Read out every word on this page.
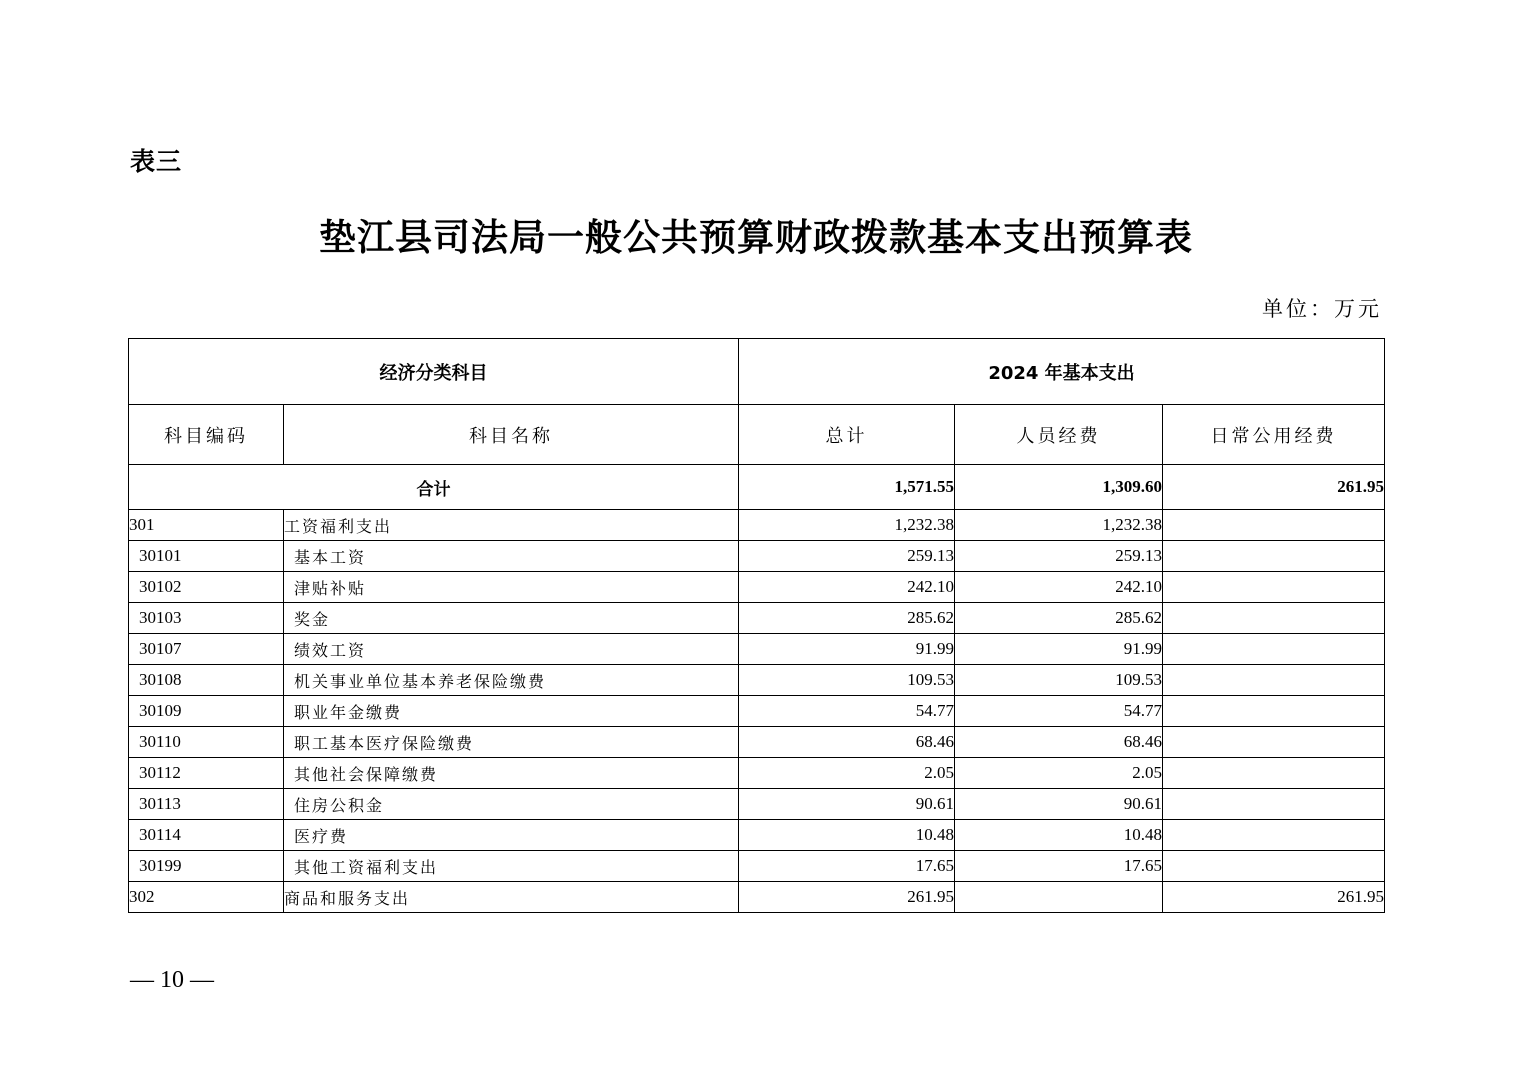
表三
垫江县司法局一般公共预算财政拨款基本支出预算表
单位：万元
经济分类科目		2024 年基本支出		
科目编码	科目名称	总计	人员经费	日常公用经费
合计		1,571.55	1,309.60	261.95
301	工资福利支出	1,232.38	1,232.38	
30101	基本工资	259.13	259.13	
30102	津贴补贴	242.10	242.10	
30103	奖金	285.62	285.62	
30107	绩效工资	91.99	91.99	
30108	机关事业单位基本养老保险缴费	109.53	109.53	
30109	职业年金缴费	54.77	54.77	
30110	职工基本医疗保险缴费	68.46	68.46	
30112	其他社会保障缴费	2.05	2.05	
30113	住房公积金	90.61	90.61	
30114	医疗费	10.48	10.48	
30199	其他工资福利支出	17.65	17.65	
302	商品和服务支出	261.95		261.95
— 10 —
